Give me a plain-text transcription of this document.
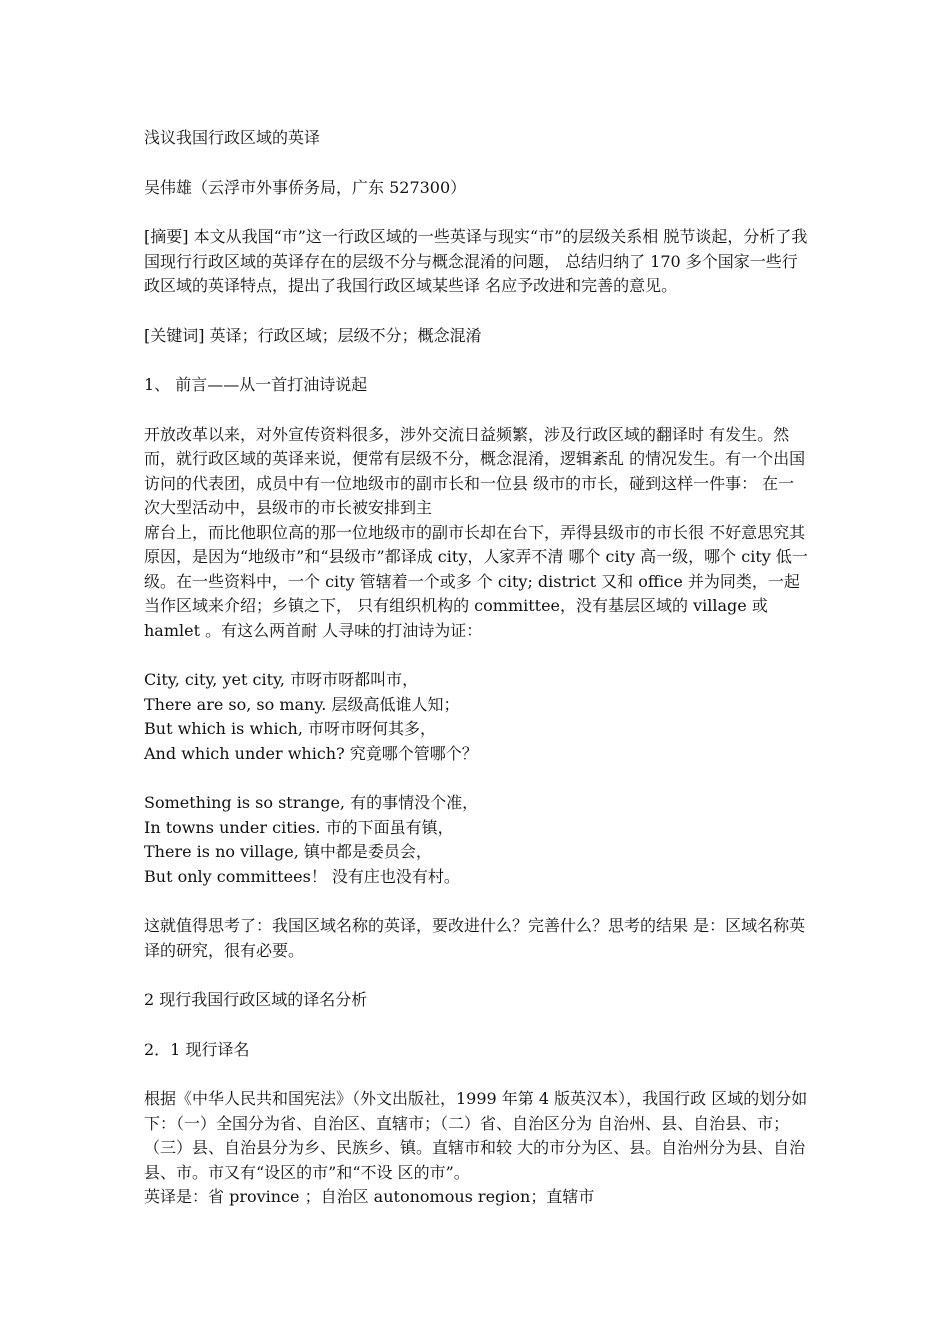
浅议我国行政区域的英译

吴伟雄（云浮市外事侨务局，广东 527300）

[摘要] 本文从我国“市”这一行政区域的一些英译与现实“市”的层级关系相 脱节谈起，分析了我国现行行政区域的英译存在的层级不分与概念混淆的问题， 总结归纳了 170 多个国家一些行政区域的英译特点，提出了我国行政区域某些译 名应予改进和完善的意见。

[关键词] 英译；行政区域；层级不分；概念混淆

1、 前言——从一首打油诗说起

开放改革以来，对外宣传资料很多，涉外交流日益频繁，涉及行政区域的翻译时 有发生。然而，就行政区域的英译来说，便常有层级不分，概念混淆，逻辑紊乱 的情况发生。有一个出国访问的代表团，成员中有一位地级市的副市长和一位县 级市的市长，碰到这样一件事： 在一次大型活动中，县级市的市长被安排到主

席台上，而比他职位高的那一位地级市的副市长却在台下，弄得县级市的市长很 不好意思究其原因，是因为“地级市”和“县级市”都译成 city，人家弄不清 哪个 city 高一级，哪个 city 低一级。在一些资料中，一个 city 管辖着一个或多 个 city; district 又和 office 并为同类，一起当作区域来介绍；乡镇之下， 只有组织机构的 committee，没有基层区域的 village 或 hamlet 。有这么两首耐 人寻味的打油诗为证：

City, city, yet city, 市呀市呀都叫市，
There are so, so many. 层级高低谁人知；
But which is which, 市呀市呀何其多，
And which under which? 究竟哪个管哪个？

Something is so strange, 有的事情没个准，
In towns under cities. 市的下面虽有镇，
There is no village, 镇中都是委员会，
But only committees！ 没有庄也没有村。

这就值得思考了：我国区域名称的英译，要改进什么？完善什么？思考的结果 是：区域名称英译的研究，很有必要。

2 现行我国行政区域的译名分析

2．1 现行译名

根据《中华人民共和国宪法》（外文出版社，1999 年第 4 版英汉本），我国行政 区域的划分如下：（一）全国分为省、自治区、直辖市；（二）省、自治区分为 自治州、县、自治县、市；（三）县、自治县分为乡、民族乡、镇。直辖市和较 大的市分为区、县。自治州分为县、自治县、市。市又有“设区的市”和“不设 区的市”。

英译是：省 province ；自治区 autonomous region；直辖市
